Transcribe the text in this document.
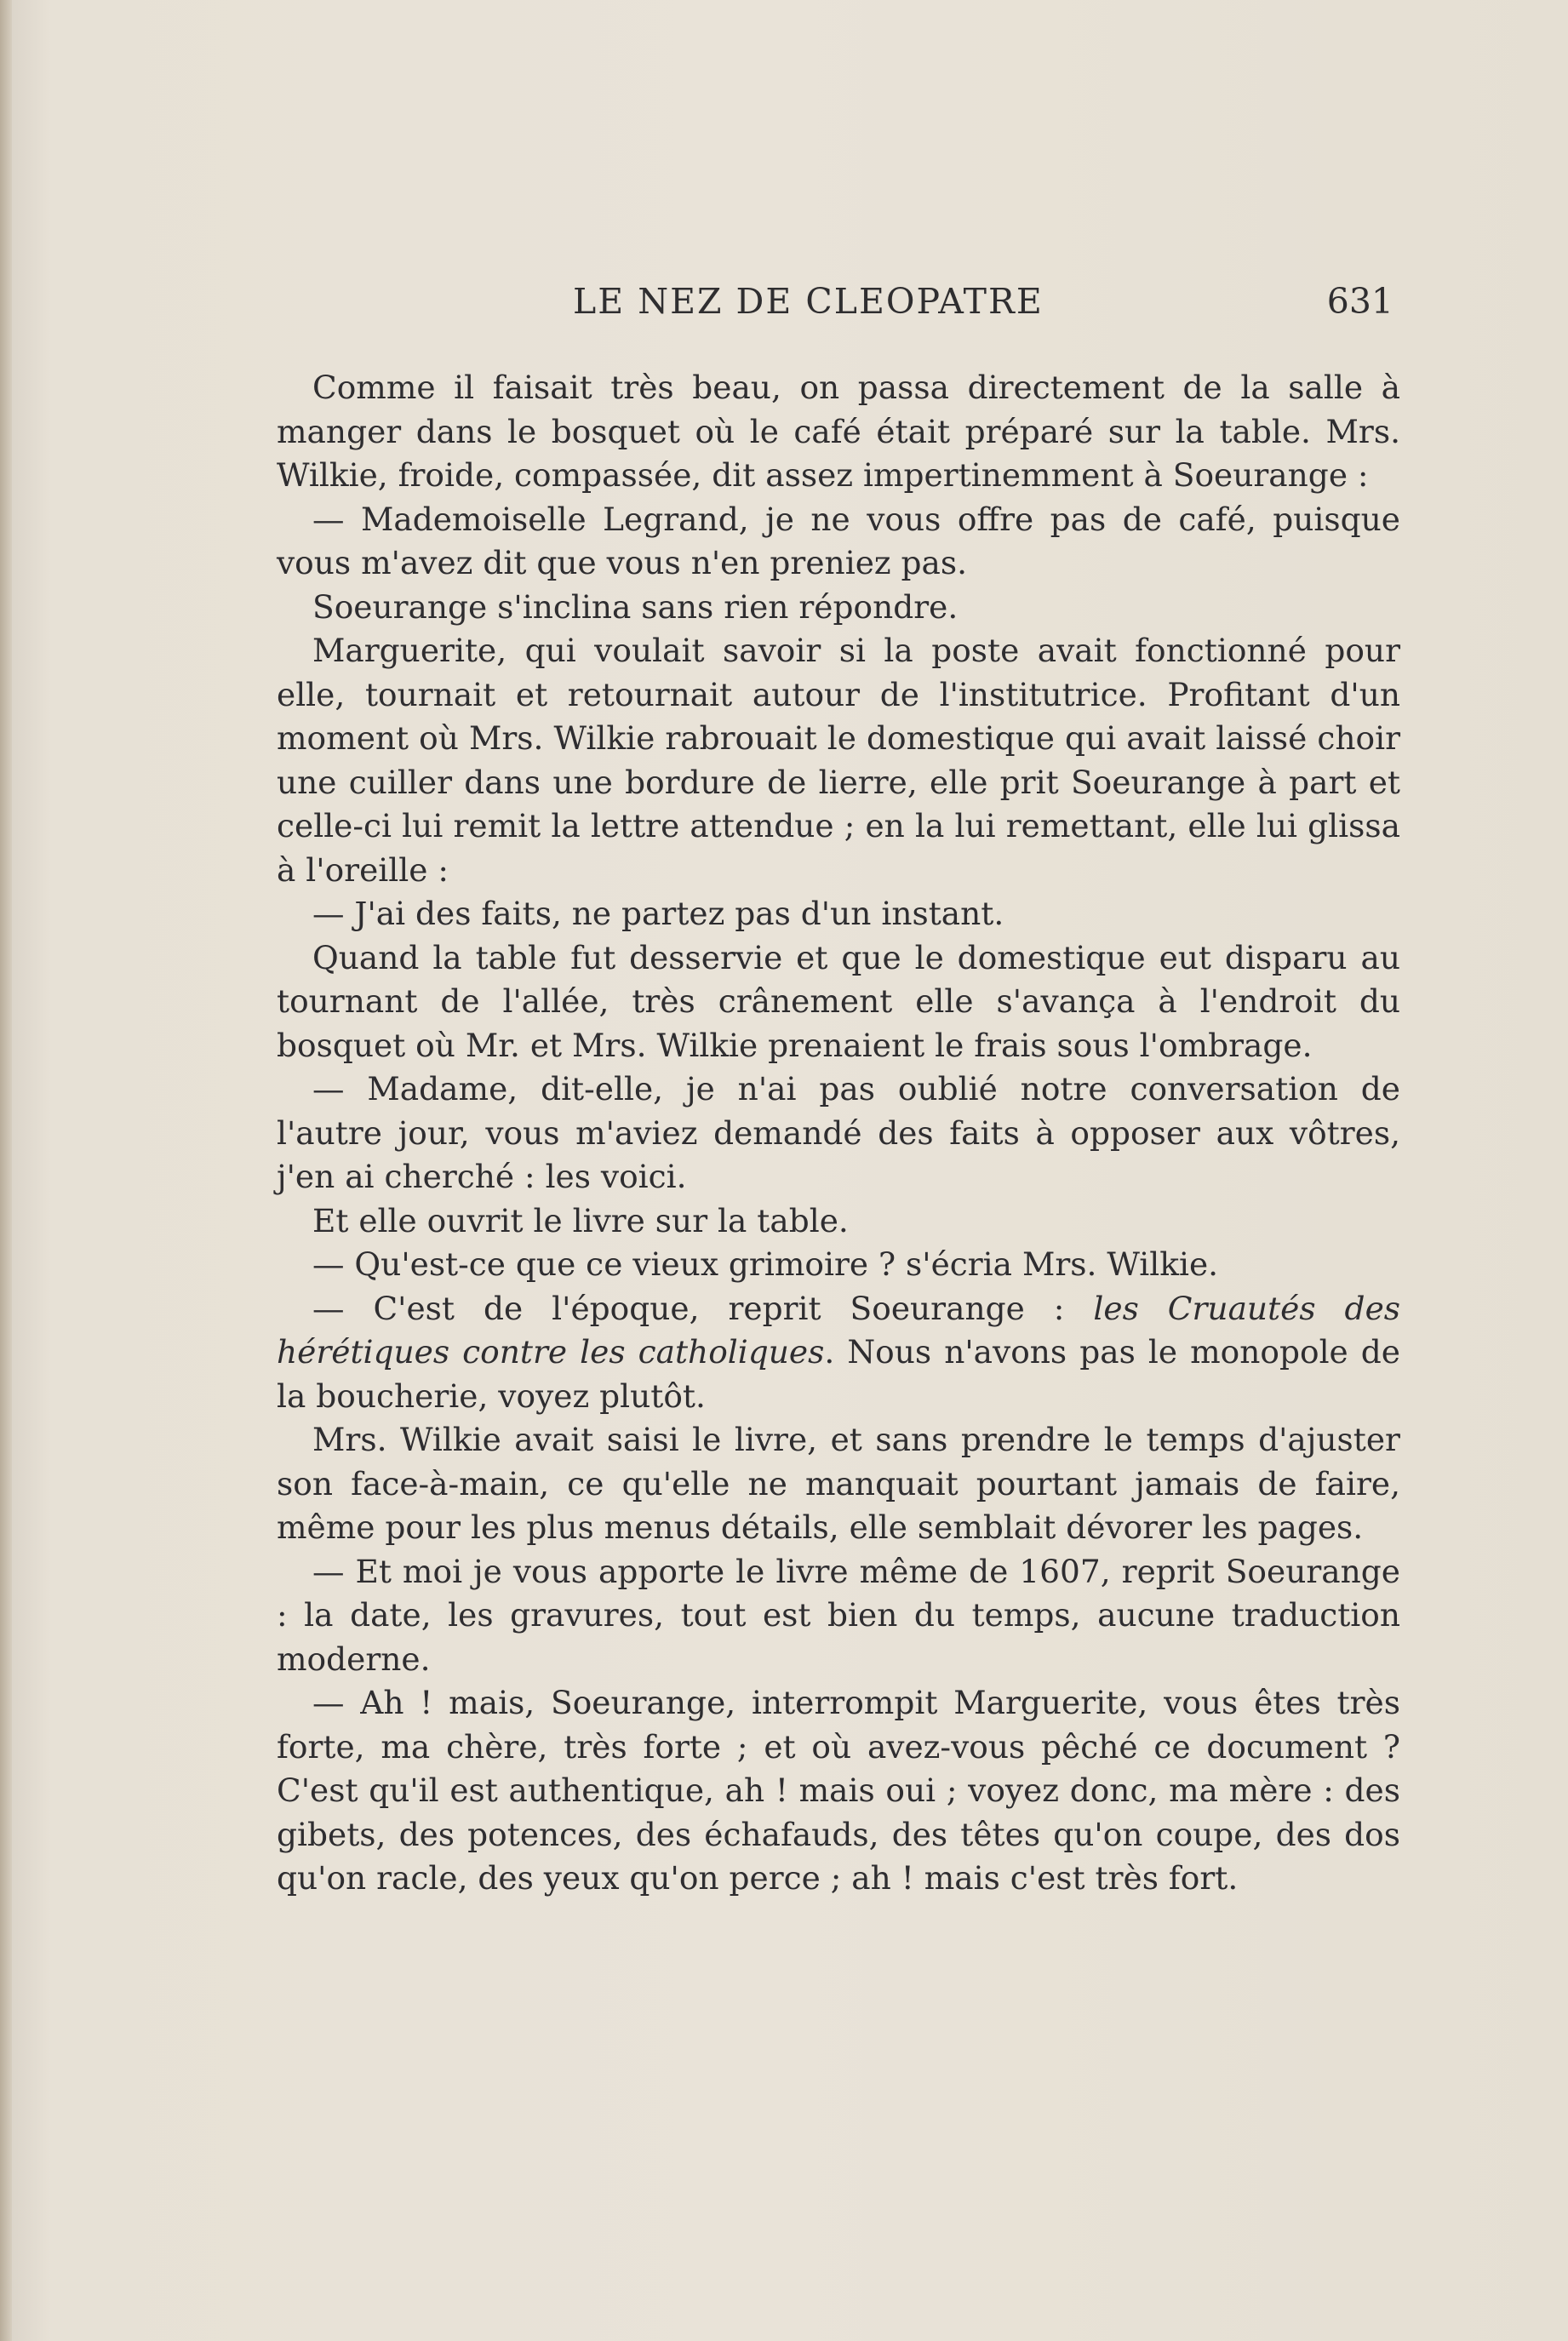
LE NEZ DE CLEOPATRE	631

Comme il faisait très beau, on passa directement de la salle à manger dans le bosquet où le café était préparé sur la table. Mrs. Wilkie, froide, compassée, dit assez impertinemment à Soeurange :

— Mademoiselle Legrand, je ne vous offre pas de café, puisque vous m'avez dit que vous n'en preniez pas.

Soeurange s'inclina sans rien répondre.

Marguerite, qui voulait savoir si la poste avait fonctionné pour elle, tournait et retournait autour de l'institutrice. Profitant d'un moment où Mrs. Wilkie rabrouait le domestique qui avait laissé choir une cuiller dans une bordure de lierre, elle prit Soeurange à part et celle-ci lui remit la lettre attendue ; en la lui remettant, elle lui glissa à l'oreille :

— J'ai des faits, ne partez pas d'un instant.

Quand la table fut desservie et que le domestique eut disparu au tournant de l'allée, très crânement elle s'avança à l'endroit du bosquet où Mr. et Mrs. Wilkie prenaient le frais sous l'ombrage.

— Madame, dit-elle, je n'ai pas oublié notre conversation de l'autre jour, vous m'aviez demandé des faits à opposer aux vôtres, j'en ai cherché : les voici.

Et elle ouvrit le livre sur la table.

— Qu'est-ce que ce vieux grimoire ? s'écria Mrs. Wilkie.

— C'est de l'époque, reprit Soeurange : les Cruautés des hérétiques contre les catholiques. Nous n'avons pas le monopole de la boucherie, voyez plutôt.

Mrs. Wilkie avait saisi le livre, et sans prendre le temps d'ajuster son face-à-main, ce qu'elle ne manquait pourtant jamais de faire, même pour les plus menus détails, elle semblait dévorer les pages.

— Et moi je vous apporte le livre même de 1607, reprit Soeurange : la date, les gravures, tout est bien du temps, aucune traduction moderne.

— Ah ! mais, Soeurange, interrompit Marguerite, vous êtes très forte, ma chère, très forte ; et où avez-vous pêché ce document ? C'est qu'il est authentique, ah ! mais oui ; voyez donc, ma mère : des gibets, des potences, des échafauds, des têtes qu'on coupe, des dos qu'on racle, des yeux qu'on perce ; ah ! mais c'est très fort.
